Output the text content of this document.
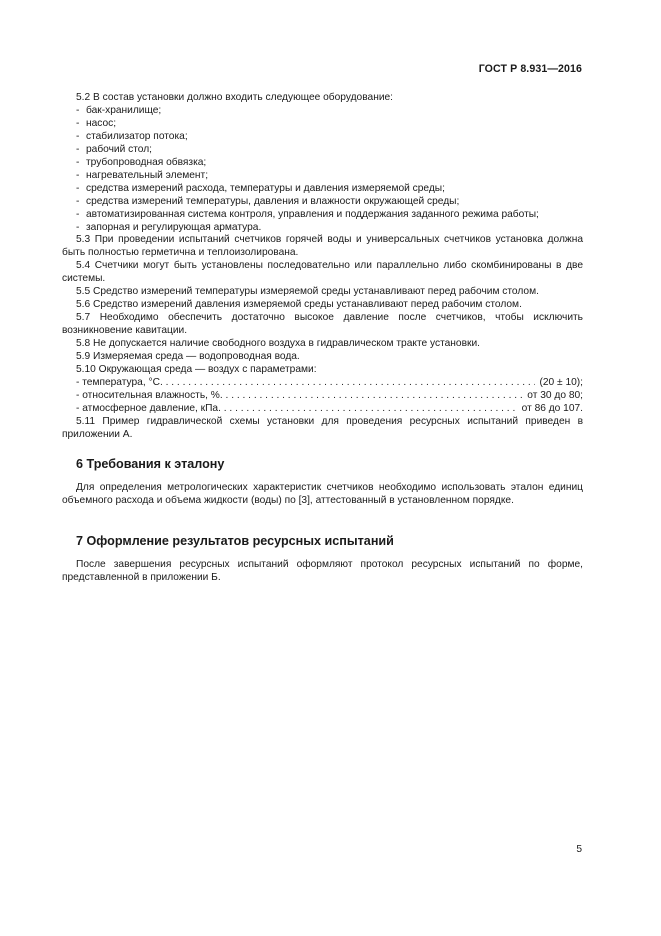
ГОСТ Р 8.931—2016
5.2 В состав установки должно входить следующее оборудование:
- бак-хранилище;
- насос;
- стабилизатор потока;
- рабочий стол;
- трубопроводная обвязка;
- нагревательный элемент;
- средства измерений расхода, температуры и давления измеряемой среды;
- средства измерений температуры, давления и влажности окружающей среды;
- автоматизированная система контроля, управления и поддержания заданного режима работы;
- запорная и регулирующая арматура.
5.3 При проведении испытаний счетчиков горячей воды и универсальных счетчиков установка должна быть полностью герметична и теплоизолирована.
5.4 Счетчики могут быть установлены последовательно или параллельно либо скомбинированы в две системы.
5.5 Средство измерений температуры измеряемой среды устанавливают перед рабочим столом.
5.6 Средство измерений давления измеряемой среды устанавливают перед рабочим столом.
5.7 Необходимо обеспечить достаточно высокое давление после счетчиков, чтобы исключить возникновение кавитации.
5.8 Не допускается наличие свободного воздуха в гидравлическом тракте установки.
5.9 Измеряемая среда — водопроводная вода.
5.10 Окружающая среда — воздух с параметрами:
- температура, °С . . .	(20 ± 10);
- относительная влажность, % . . .	от 30 до 80;
- атмосферное давление, кПа . . .	от 86 до 107.
5.11 Пример гидравлической схемы установки для проведения ресурсных испытаний приведен в приложении А.
6 Требования к эталону
Для определения метрологических характеристик счетчиков необходимо использовать эталон единиц объемного расхода и объема жидкости (воды) по [3], аттестованный в установленном порядке.
7 Оформление результатов ресурсных испытаний
После завершения ресурсных испытаний оформляют протокол ресурсных испытаний по форме, представленной в приложении Б.
5
